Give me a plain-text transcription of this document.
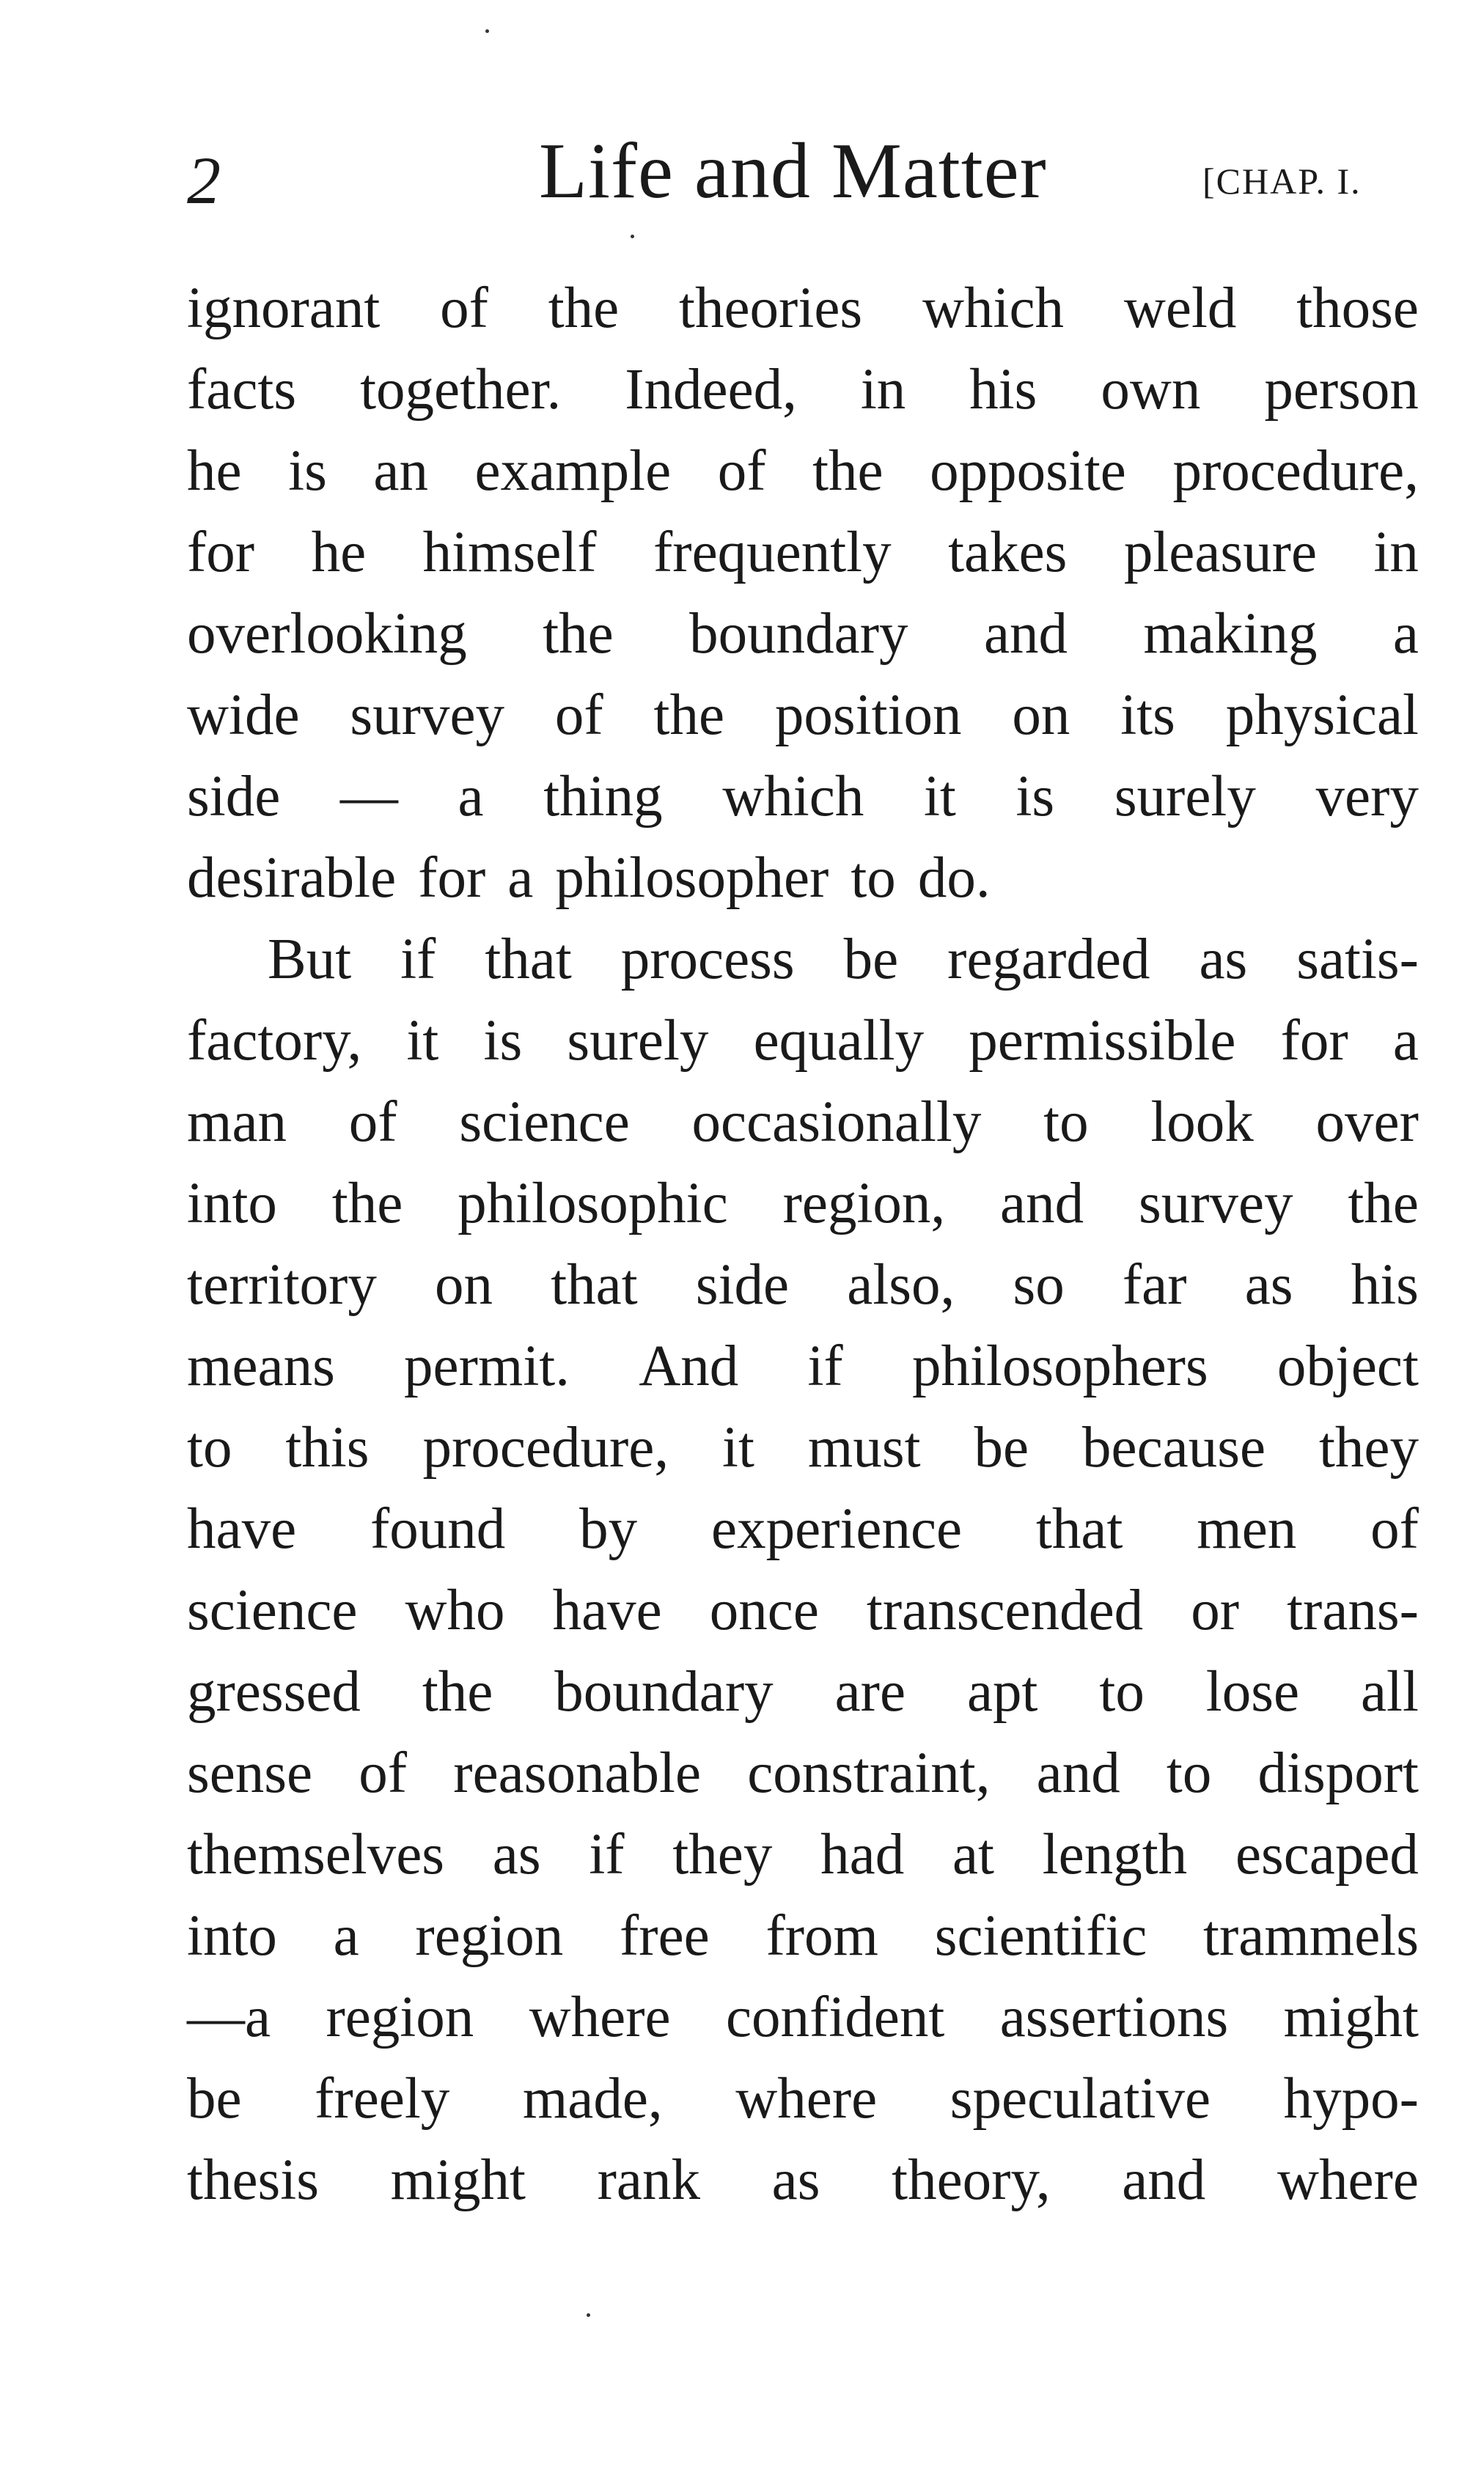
2	Life and Matter	[CHAP. I.
ignorant of the theories which weld those
facts together. Indeed, in his own person
he is an example of the opposite procedure,
for he himself frequently takes pleasure in
overlooking the boundary and making a
wide survey of the position on its physical
side — a thing which it is surely very
desirable for a philosopher to do.
But if that process be regarded as satis-
factory, it is surely equally permissible for a
man of science occasionally to look over
into the philosophic region, and survey the
territory on that side also, so far as his
means permit. And if philosophers object
to this procedure, it must be because they
have found by experience that men of
science who have once transcended or trans-
gressed the boundary are apt to lose all
sense of reasonable constraint, and to disport
themselves as if they had at length escaped
into a region free from scientific trammels
—a region where confident assertions might
be freely made, where speculative hypo-
thesis might rank as theory, and where
